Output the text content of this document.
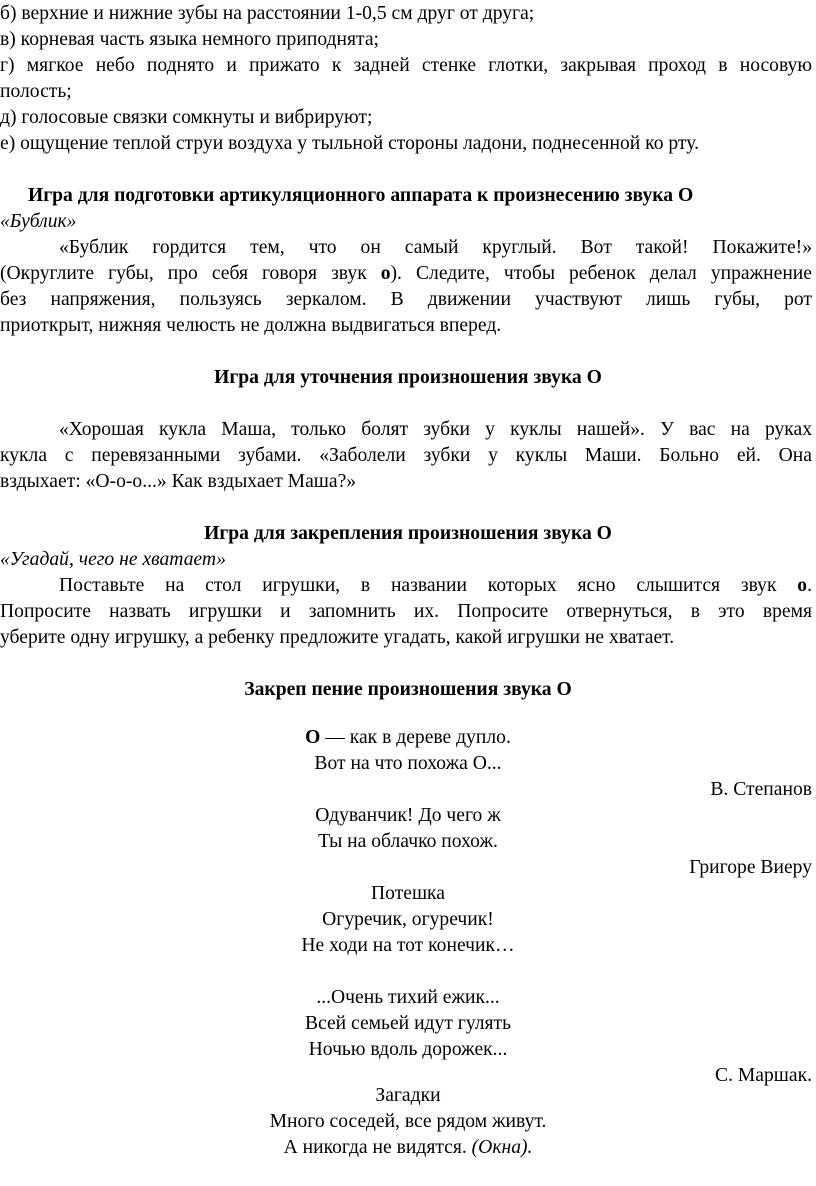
б) верхние и нижние зубы на расстоянии 1-0,5 см друг от друга;
в) корневая часть языка немного приподнята;
г) мягкое небо поднято и прижато к задней стенке глотки, закрывая проход в носовую
полость;
д) голосовые связки сомкнуты и вибрируют;
е) ощущение теплой струи воздуха у тыльной стороны ладони, поднесенной ко рту.
Игра для подготовки артикуляционного аппарата к произнесению звука О
«Бублик»
«Бублик гордится тем, что он самый круглый. Вот такой! Покажите!»
(Округлите губы, про себя говоря звук о). Следите, чтобы ребенок делал упражнение
без напряжения, пользуясь зеркалом. В движении участвуют лишь губы, рот
приоткрыт, нижняя челюсть не должна выдвигаться вперед.
Игра для уточнения произношения звука О
«Хорошая кукла Маша, только болят зубки у куклы нашей». У вас на руках
кукла с перевязанными зубами. «Заболели зубки у куклы Маши. Больно ей. Она
вздыхает: «О-о-о...» Как вздыхает Маша?»
Игра для закрепления произношения звука О
«Угадай, чего не хватает»
Поставьте на стол игрушки, в названии которых ясно слышится звук о.
Попросите назвать игрушки и запомнить их. Попросите отвернуться, в это время
уберите одну игрушку, а ребенку предложите угадать, какой игрушки не хватает.
Закреп пение произношения звука О
О — как в дереве дупло.
Вот на что похожа О...
В. Степанов
Одуванчик! До чего ж
Ты на облачко похож.
Григоре Виеру
Потешка
Огуречик, огуречик!
Не ходи на тот конечик…
...Очень тихий ежик...
Всей семьей идут гулять
Ночью вдоль дорожек...
С. Маршак.
Загадки
Много соседей, все рядом живут.
А никогда не видятся. (Окна).
